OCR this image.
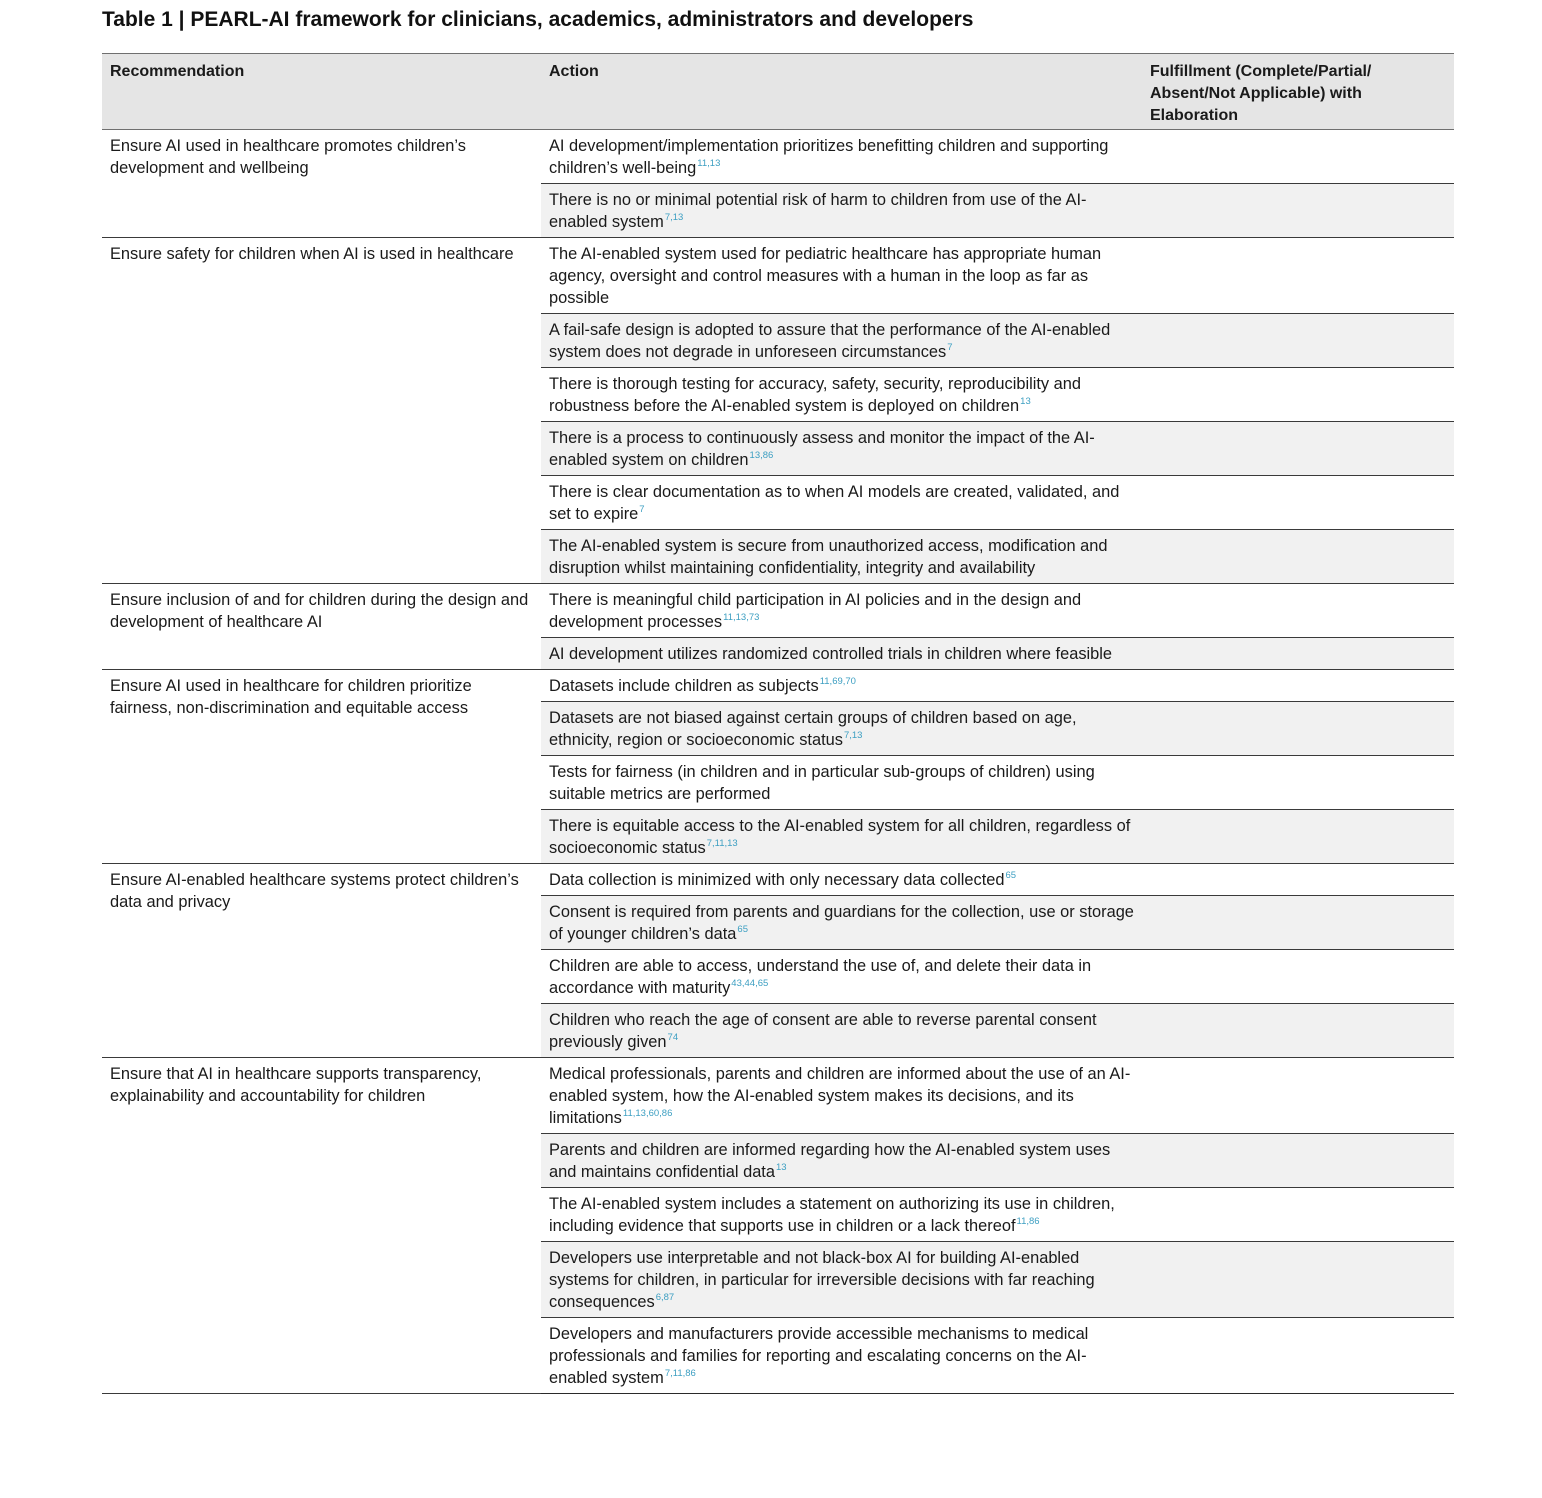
Table 1 | PEARL-AI framework for clinicians, academics, administrators and developers
Recommendation	Action	Fulfillment (Complete/Partial/ Absent/Not Applicable) with Elaboration
Ensure AI used in healthcare promotes children’s development and wellbeing	AI development/implementation prioritizes benefitting children and supporting children’s well-being$^{11,13}$	
	There is no or minimal potential risk of harm to children from use of the AI-enabled system$^{7,13}$	
Ensure safety for children when AI is used in healthcare	The AI-enabled system used for pediatric healthcare has appropriate human agency, oversight and control measures with a human in the loop as far as possible	
	A fail-safe design is adopted to assure that the performance of the AI-enabled system does not degrade in unforeseen circumstances$^7$	
	There is thorough testing for accuracy, safety, security, reproducibility and robustness before the AI-enabled system is deployed on children$^{13}$	
	There is a process to continuously assess and monitor the impact of the AI-enabled system on children$^{13,86}$	
	There is clear documentation as to when AI models are created, validated, and set to expire$^7$	
	The AI-enabled system is secure from unauthorized access, modification and disruption whilst maintaining confidentiality, integrity and availability	
Ensure inclusion of and for children during the design and development of healthcare AI	There is meaningful child participation in AI policies and in the design and development processes$^{11,13,73}$	
	AI development utilizes randomized controlled trials in children where feasible	
Ensure AI used in healthcare for children prioritize fairness, non-discrimination and equitable access	Datasets include children as subjects$^{11,69,70}$	
	Datasets are not biased against certain groups of children based on age, ethnicity, region or socioeconomic status$^{7,13}$	
	Tests for fairness (in children and in particular sub-groups of children) using suitable metrics are performed	
	There is equitable access to the AI-enabled system for all children, regardless of socioeconomic status$^{7,11,13}$	
Ensure AI-enabled healthcare systems protect children’s data and privacy	Data collection is minimized with only necessary data collected$^{65}$	
	Consent is required from parents and guardians for the collection, use or storage of younger children’s data$^{65}$	
	Children are able to access, understand the use of, and delete their data in accordance with maturity$^{43,44,65}$	
	Children who reach the age of consent are able to reverse parental consent previously given$^{74}$	
Ensure that AI in healthcare supports transparency, explainability and accountability for children	Medical professionals, parents and children are informed about the use of an AI-enabled system, how the AI-enabled system makes its decisions, and its limitations$^{11,13,60,86}$	
	Parents and children are informed regarding how the AI-enabled system uses and maintains confidential data$^{13}$	
	The AI-enabled system includes a statement on authorizing its use in children, including evidence that supports use in children or a lack thereof$^{11,86}$	
	Developers use interpretable and not black-box AI for building AI-enabled systems for children, in particular for irreversible decisions with far reaching consequences$^{6,87}$	
	Developers and manufacturers provide accessible mechanisms to medical professionals and families for reporting and escalating concerns on the AI-enabled system$^{7,11,86}$	
